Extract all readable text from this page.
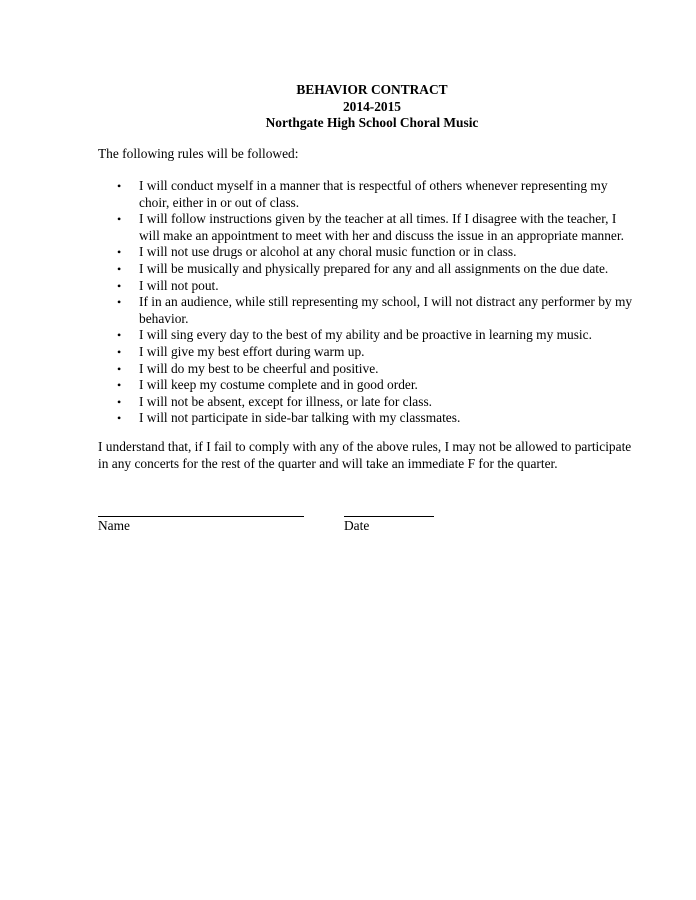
BEHAVIOR CONTRACT
2014-2015
Northgate High School Choral Music

The following rules will be followed:

• I will conduct myself in a manner that is respectful of others whenever representing my
choir, either in or out of class.
• I will follow instructions given by the teacher at all times. If I disagree with the teacher, I
will make an appointment to meet with her and discuss the issue in an appropriate manner.
• I will not use drugs or alcohol at any choral music function or in class.
• I will be musically and physically prepared for any and all assignments on the due date.
• I will not pout.
• If in an audience, while still representing my school, I will not distract any performer by my
behavior.
• I will sing every day to the best of my ability and be proactive in learning my music.
• I will give my best effort during warm up.
• I will do my best to be cheerful and positive.
• I will keep my costume complete and in good order.
• I will not be absent, except for illness, or late for class.
• I will not participate in side-bar talking with my classmates.
I understand that, if I fail to comply with any of the above rules, I may not be allowed to participate
in any concerts for the rest of the quarter and will take an immediate F for the quarter.

Name	Date
